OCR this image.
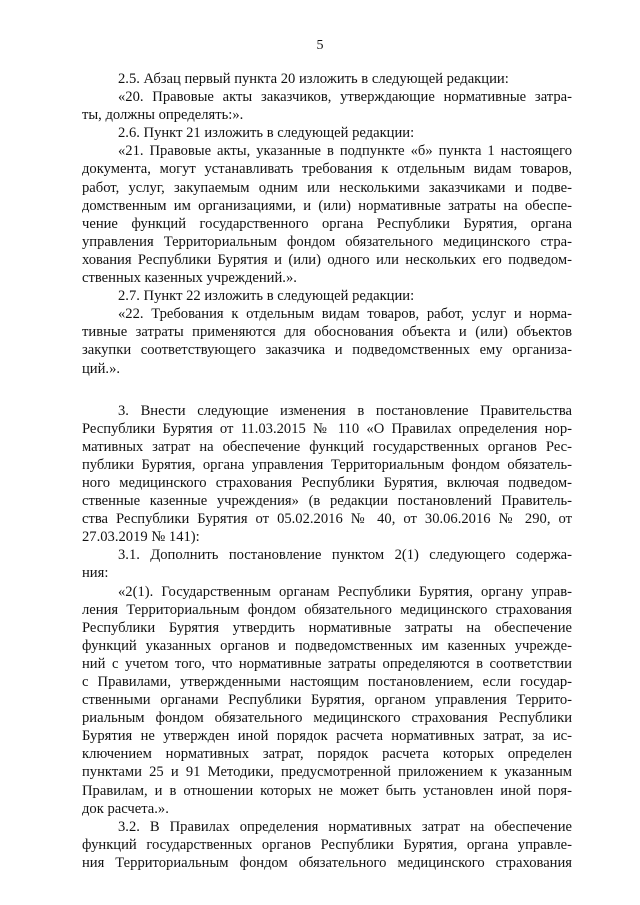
5
2.5. Абзац первый пункта 20 изложить в следующей редакции:
«20. Правовые акты заказчиков, утверждающие нормативные затра-
ты, должны определять:».
2.6. Пункт 21 изложить в следующей редакции:
«21. Правовые акты, указанные в подпункте «б» пункта 1 настоящего
документа, могут устанавливать требования к отдельным видам товаров,
работ, услуг, закупаемым одним или несколькими заказчиками и подве-
домственным им организациями, и (или) нормативные затраты на обеспе-
чение функций государственного органа Республики Бурятия, органа
управления Территориальным фондом обязательного медицинского стра-
хования Республики Бурятия и (или) одного или нескольких его подведом-
ственных казенных учреждений.».
2.7. Пункт 22 изложить в следующей редакции:
«22. Требования к отдельным видам товаров, работ, услуг и норма-
тивные затраты применяются для обоснования объекта и (или) объектов
закупки соответствующего заказчика и подведомственных ему организа-
ций.».
3. Внести следующие изменения в постановление Правительства
Республики Бурятия от 11.03.2015 № 110 «О Правилах определения нор-
мативных затрат на обеспечение функций государственных органов Рес-
публики Бурятия, органа управления Территориальным фондом обязатель-
ного медицинского страхования Республики Бурятия, включая подведом-
ственные казенные учреждения» (в редакции постановлений Правитель-
ства Республики Бурятия от 05.02.2016 № 40, от 30.06.2016 № 290, от
27.03.2019 № 141):
3.1. Дополнить постановление пунктом 2(1) следующего содержа-
ния:
«2(1). Государственным органам Республики Бурятия, органу управ-
ления Территориальным фондом обязательного медицинского страхования
Республики Бурятия утвердить нормативные затраты на обеспечение
функций указанных органов и подведомственных им казенных учрежде-
ний с учетом того, что нормативные затраты определяются в соответствии
с Правилами, утвержденными настоящим постановлением, если государ-
ственными органами Республики Бурятия, органом управления Террито-
риальным фондом обязательного медицинского страхования Республики
Бурятия не утвержден иной порядок расчета нормативных затрат, за ис-
ключением нормативных затрат, порядок расчета которых определен
пунктами 25 и 91 Методики, предусмотренной приложением к указанным
Правилам, и в отношении которых не может быть установлен иной поря-
док расчета.».
3.2. В Правилах определения нормативных затрат на обеспечение
функций государственных органов Республики Бурятия, органа управле-
ния Территориальным фондом обязательного медицинского страхования
